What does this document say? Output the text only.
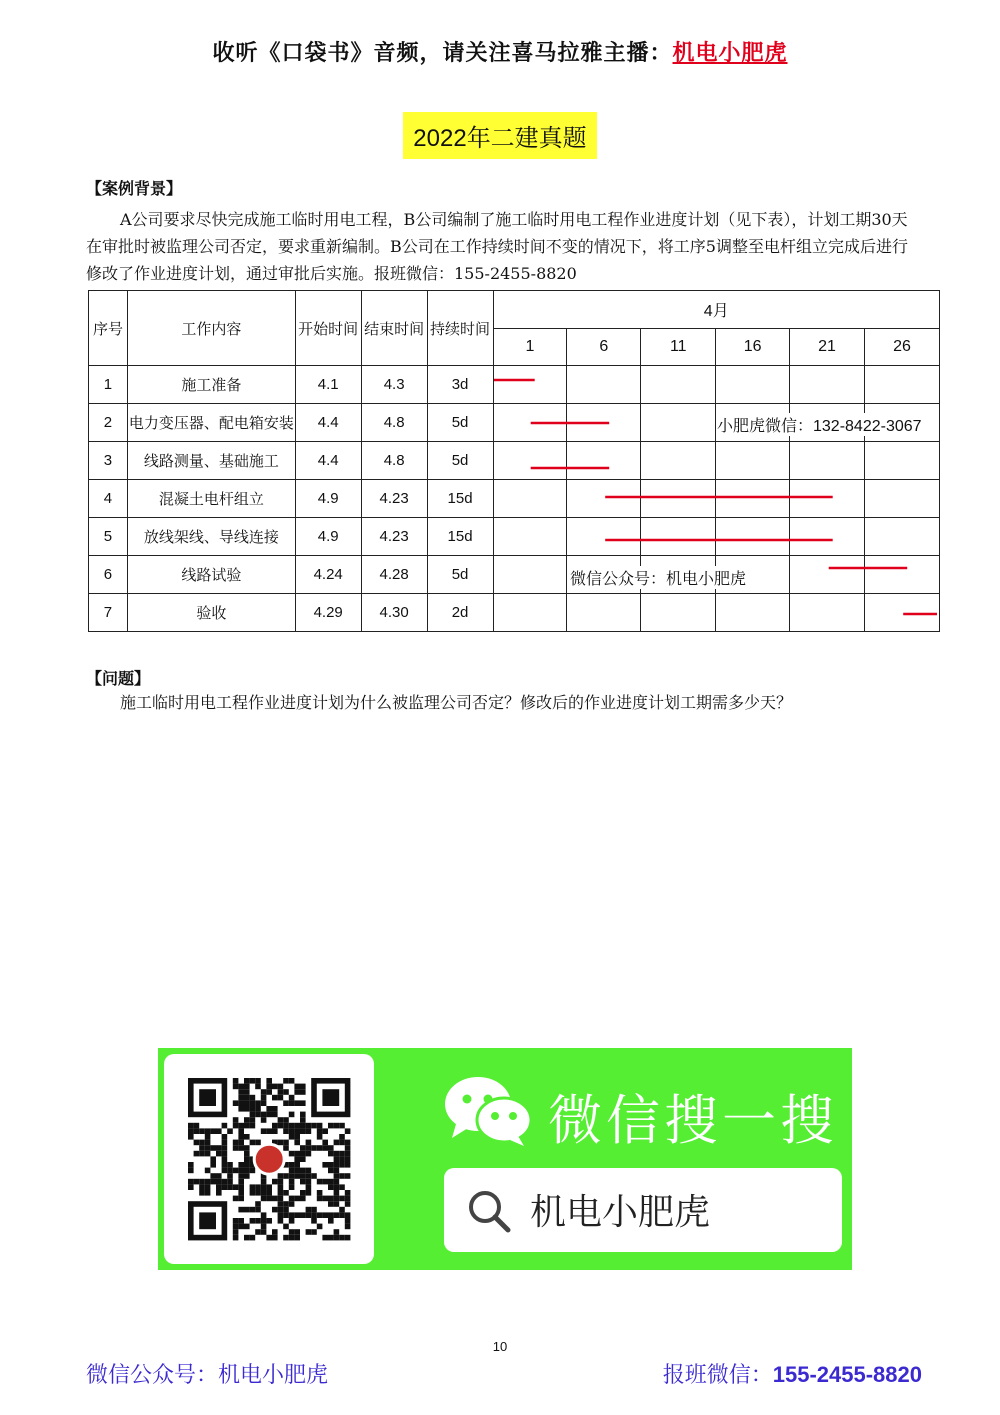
收听《口袋书》音频，请关注喜马拉雅主播：机电小肥虎
2022年二建真题
【案例背景】
A公司要求尽快完成施工临时用电工程，B公司编制了施工临时用电工程作业进度计划（见下表），计划工期30天在审批时被监理公司否定，要求重新编制。B公司在工作持续时间不变的情况下，将工序5调整至电杆组立完成后进行修改了作业进度计划，通过审批后实施。报班微信：155-2455-8820
序号	工作内容	开始时间	结束时间	持续时间	4月					
					1	6	11	16	21	26
1	施工准备	4.1	4.3	3d						
2	电力变压器、配电箱安装	4.4	4.8	5d						
3	线路测量、基础施工	4.4	4.8	5d						
4	混凝土电杆组立	4.9	4.23	15d						
5	放线架线、导线连接	4.9	4.23	15d						
6	线路试验	4.24	4.28	5d						
7	验收	4.29	4.30	2d						
小肥虎微信：132-8422-3067
微信公众号：机电小肥虎
【问题】
施工临时用电工程作业进度计划为什么被监理公司否定？修改后的作业进度计划工期需多少天？
微信搜一搜
机电小肥虎
10
微信公众号：机电小肥虎	报班微信：155-2455-8820
